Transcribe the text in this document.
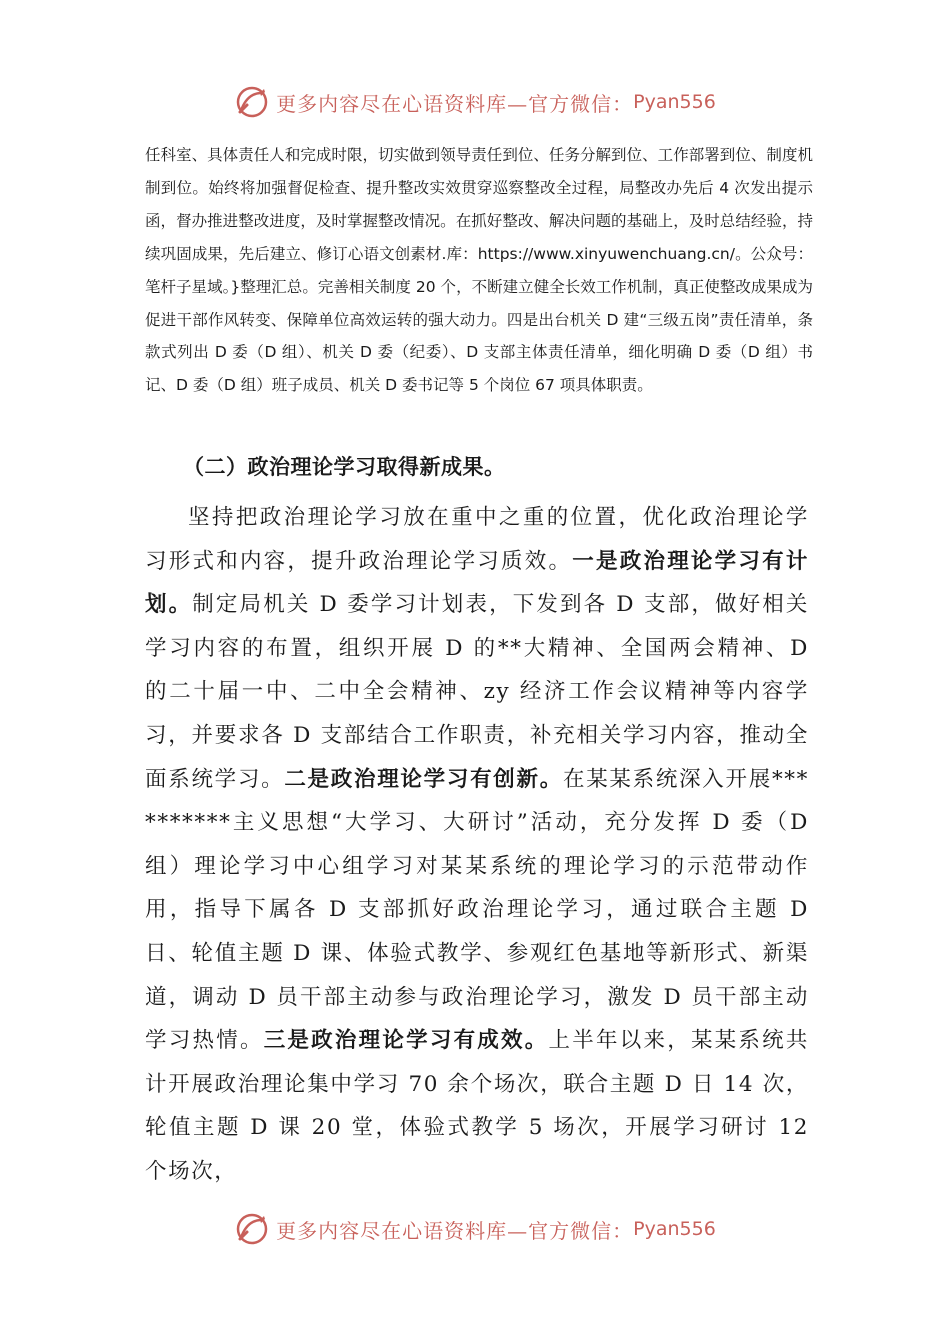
更多内容尽在心语资料库—官方微信： Pyan556

任科室、具体责任人和完成时限，切实做到领导责任到位、任务分解到位、工作部署到位、制度机制到位。始终将加强督促检查、提升整改实效贯穿巡察整改全过程，局整改办先后 4 次发出提示函，督办推进整改进度，及时掌握整改情况。在抓好整改、解决问题的基础上，及时总结经验，持续巩固成果，先后建立、修订心语文创素材.库：https://www.xinyuwenchuang.cn/。公众号：笔杆子星域。}整理汇总。完善相关制度 20 个，不断建立健全长效工作机制，真正使整改成果成为促进干部作风转变、保障单位高效运转的强大动力。四是出台机关 D 建“三级五岗”责任清单，条款式列出 D 委（D 组）、机关 D 委（纪委）、D 支部主体责任清单，细化明确 D 委（D 组）书记、D 委（D 组）班子成员、机关 D 委书记等 5 个岗位 67 项具体职责。

（二）政治理论学习取得新成果。

坚持把政治理论学习放在重中之重的位置，优化政治理论学习形式和内容，提升政治理论学习质效。一是政治理论学习有计划。制定局机关 D 委学习计划表，下发到各 D 支部，做好相关学习内容的布置，组织开展 D 的**大精神、全国两会精神、D 的二十届一中、二中全会精神、zy 经济工作会议精神等内容学习，并要求各 D 支部结合工作职责，补充相关学习内容，推动全面系统学习。二是政治理论学习有创新。在某某系统深入开展**********主义思想“大学习、大研讨”活动，充分发挥 D 委（D 组）理论学习中心组学习对某某系统的理论学习的示范带动作用，指导下属各 D 支部抓好政治理论学习，通过联合主题 D 日、轮值主题 D 课、体验式教学、参观红色基地等新形式、新渠道，调动 D 员干部主动参与政治理论学习，激发 D 员干部主动学习热情。三是政治理论学习有成效。上半年以来，某某系统共计开展政治理论集中学习 70 余个场次，联合主题 D 日 14 次，轮值主题 D 课 20 堂，体验式教学 5 场次，开展学习研讨 12 个场次，

更多内容尽在心语资料库—官方微信： Pyan556
